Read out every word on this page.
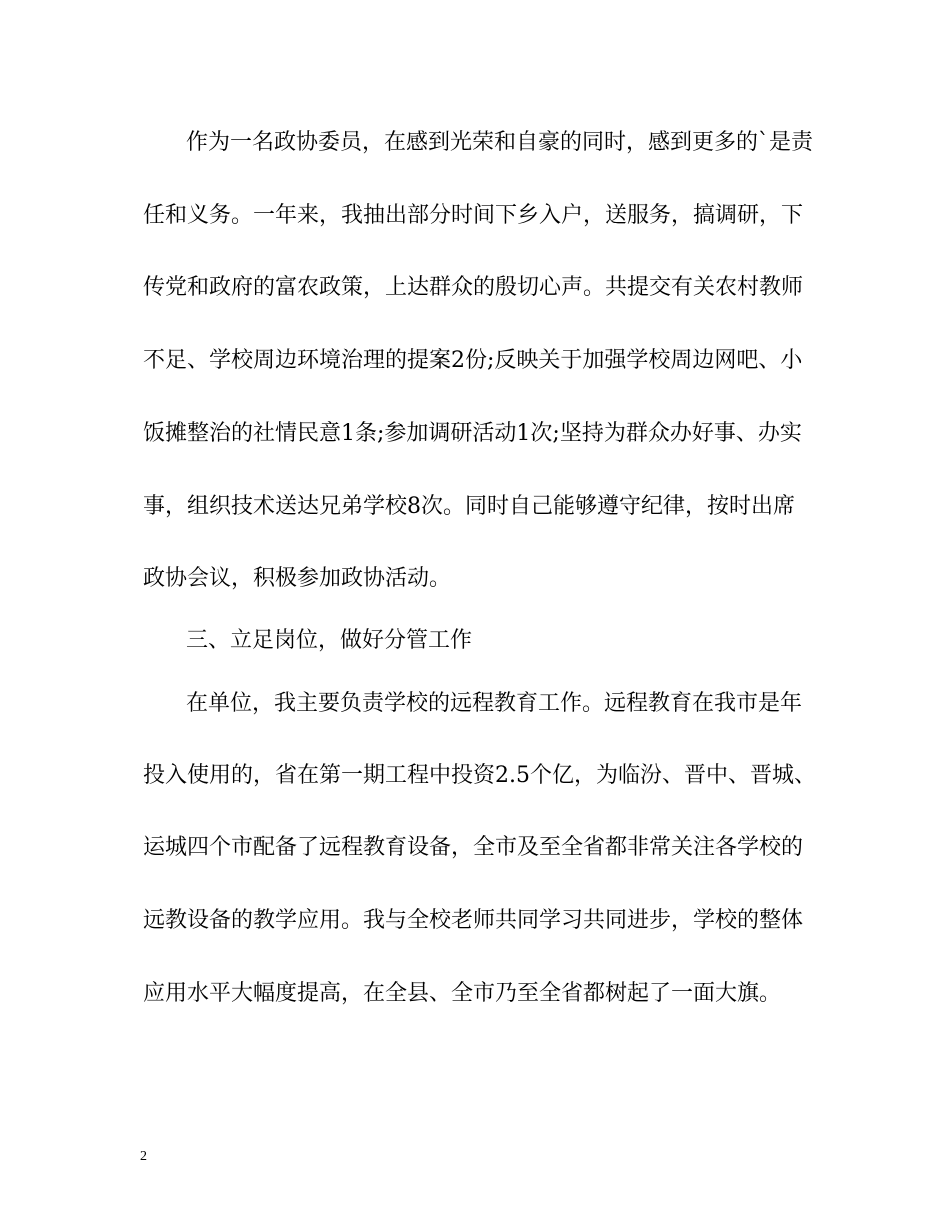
作为一名政协委员，在感到光荣和自豪的同时，感到更多的`是责
任和义务。一年来，我抽出部分时间下乡入户，送服务，搞调研，下
传党和政府的富农政策，上达群众的殷切心声。共提交有关农村教师
不足、学校周边环境治理的提案2份;反映关于加强学校周边网吧、小
饭摊整治的社情民意1条;参加调研活动1次;坚持为群众办好事、办实
事，组织技术送达兄弟学校8次。同时自己能够遵守纪律，按时出席
政协会议，积极参加政协活动。
三、立足岗位，做好分管工作
在单位，我主要负责学校的远程教育工作。远程教育在我市是年
投入使用的，省在第一期工程中投资2.5个亿，为临汾、晋中、晋城、
运城四个市配备了远程教育设备，全市及至全省都非常关注各学校的
远教设备的教学应用。我与全校老师共同学习共同进步，学校的整体
应用水平大幅度提高，在全县、全市乃至全省都树起了一面大旗。
2
